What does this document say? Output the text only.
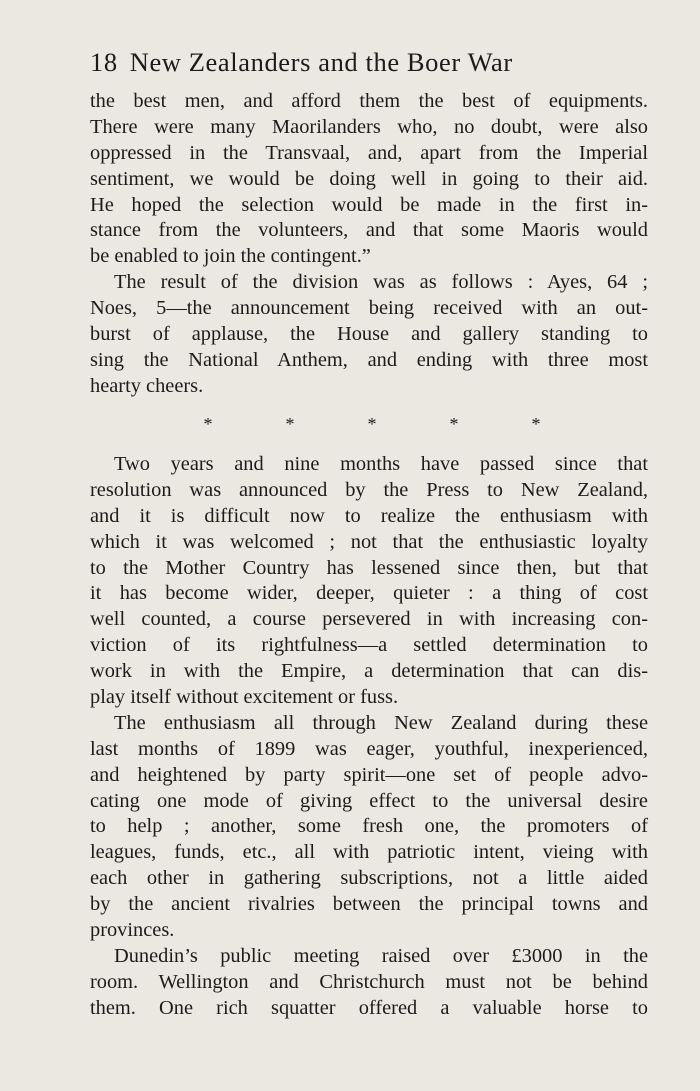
18 New Zealanders and the Boer War
the best men, and afford them the best of equipments.
There were many Maorilanders who, no doubt, were also
oppressed in the Transvaal, and, apart from the Imperial
sentiment, we would be doing well in going to their aid.
He hoped the selection would be made in the first in-
stance from the volunteers, and that some Maoris would
be enabled to join the contingent.”
The result of the division was as follows : Ayes, 64 ;
Noes, 5—the announcement being received with an out-
burst of applause, the House and gallery standing to
sing the National Anthem, and ending with three most
hearty cheers.
*	*	*	*	*
Two years and nine months have passed since that
resolution was announced by the Press to New Zealand,
and it is difficult now to realize the enthusiasm with
which it was welcomed ; not that the enthusiastic loyalty
to the Mother Country has lessened since then, but that
it has become wider, deeper, quieter : a thing of cost
well counted, a course persevered in with increasing con-
viction of its rightfulness—a settled determination to
work in with the Empire, a determination that can dis-
play itself without excitement or fuss.
The enthusiasm all through New Zealand during these
last months of 1899 was eager, youthful, inexperienced,
and heightened by party spirit—one set of people advo-
cating one mode of giving effect to the universal desire
to help ; another, some fresh one, the promoters of
leagues, funds, etc., all with patriotic intent, vieing with
each other in gathering subscriptions, not a little aided
by the ancient rivalries between the principal towns and
provinces.
Dunedin’s public meeting raised over £3000 in the
room. Wellington and Christchurch must not be behind
them. One rich squatter offered a valuable horse to
